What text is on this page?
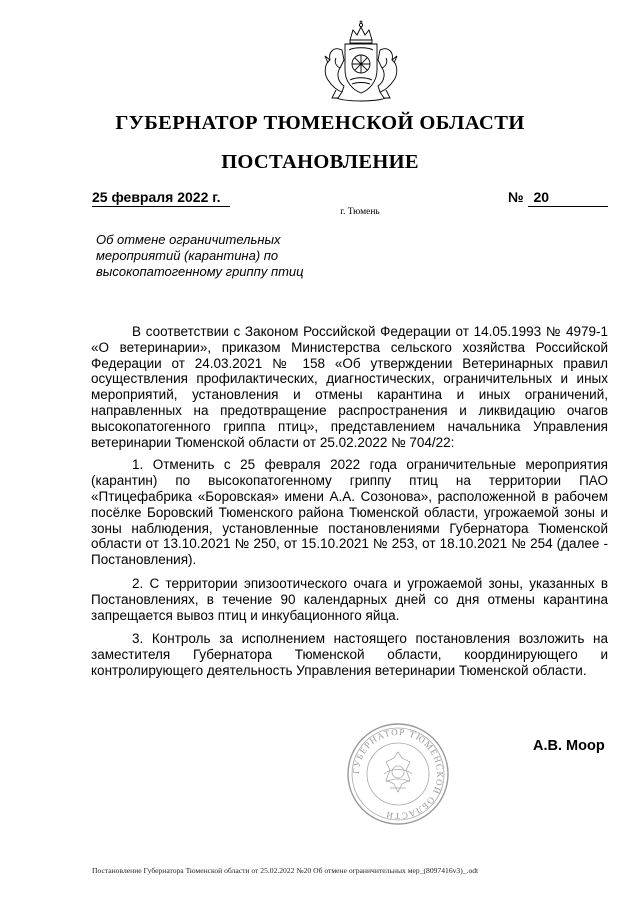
ГУБЕРНАТОР ТЮМЕНСКОЙ ОБЛАСТИ
ПОСТАНОВЛЕНИЕ
25 февраля 2022 г.	№ 20
г. Тюмень
Об отмене ограничительных мероприятий (карантина) по высокопатогенному гриппу птиц

В соответствии с Законом Российской Федерации от 14.05.1993 № 4979-1 «О ветеринарии», приказом Министерства сельского хозяйства Российской Федерации от 24.03.2021 № 158 «Об утверждении Ветеринарных правил осуществления профилактических, диагностических, ограничительных и иных мероприятий, установления и отмены карантина и иных ограничений, направленных на предотвращение распространения и ликвидацию очагов высокопатогенного гриппа птиц», представлением начальника Управления ветеринарии Тюменской области от 25.02.2022 № 704/22:

1. Отменить с 25 февраля 2022 года ограничительные мероприятия (карантин) по высокопатогенному гриппу птиц на территории ПАО «Птицефабрика «Боровская» имени А.А. Созонова», расположенной в рабочем посёлке Боровский Тюменского района Тюменской области, угрожаемой зоны и зоны наблюдения, установленные постановлениями Губернатора Тюменской области от 13.10.2021 № 250, от 15.10.2021 № 253, от 18.10.2021 № 254 (далее - Постановления).

2. С территории эпизоотического очага и угрожаемой зоны, указанных в Постановлениях, в течение 90 календарных дней со дня отмены карантина запрещается вывоз птиц и инкубационного яйца.

3. Контроль за исполнением настоящего постановления возложить на заместителя Губернатора Тюменской области, координирующего и контролирующего деятельность Управления ветеринарии Тюменской области.

ГУБЕРНАТОР ТЮМЕНСКОЙ ОБЛАСТИ
А.В. Моор
Постановление Губернатора Тюменской области от 25.02.2022 №20 Об отмене ограничительных мер_(8097416v3)_.odt
